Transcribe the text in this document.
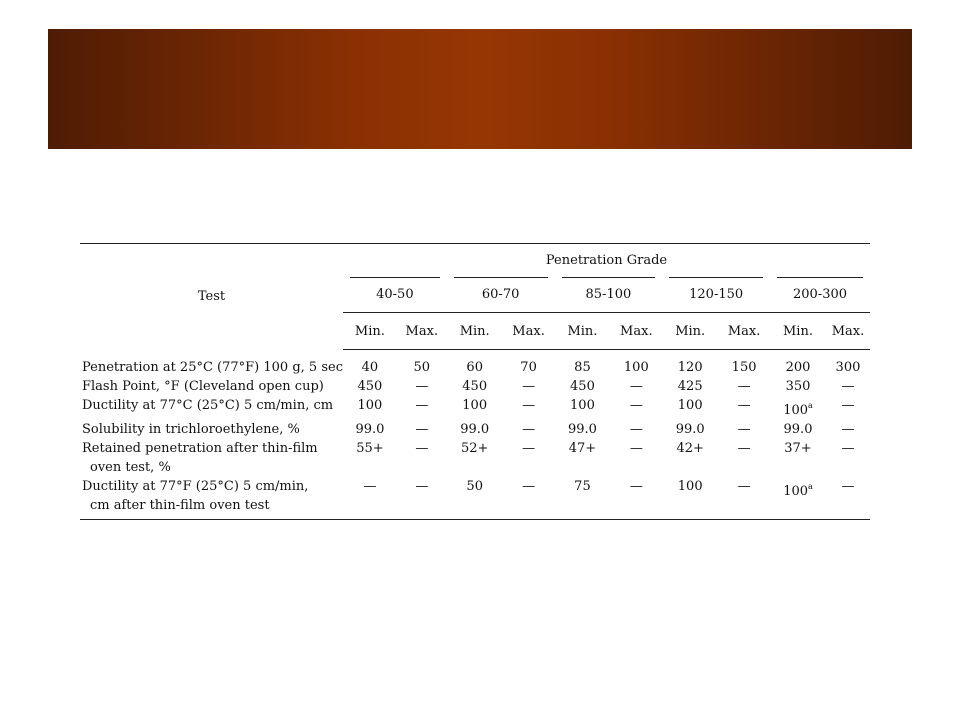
Test	Penetration Grade									

	40-50		60-70		85-100		120-150		200-300	

	Min.	Max.	Min.	Max.	Min.	Max.	Min.	Max.	Min.	Max.

Penetration at 25°C (77°F) 100 g, 5 sec	40	50	60	70	85	100	120	150	200	300
Flash Point, °F (Cleveland open cup)	450	—	450	—	450	—	425	—	350	—
Ductility at 77°C (25°C) 5 cm/min, cm	100	—	100	—	100	—	100	—	100$^a$	—
Solubility in trichloroethylene, %	99.0	—	99.0	—	99.0	—	99.0	—	99.0	—
Retained penetration after thin-film
oven test, %	55+	—	52+	—	47+	—	42+	—	37+	—
Ductility at 77°F (25°C) 5 cm/min,
cm after thin-film oven test	—	—	50	—	75	—	100	—	100$^a$	—
